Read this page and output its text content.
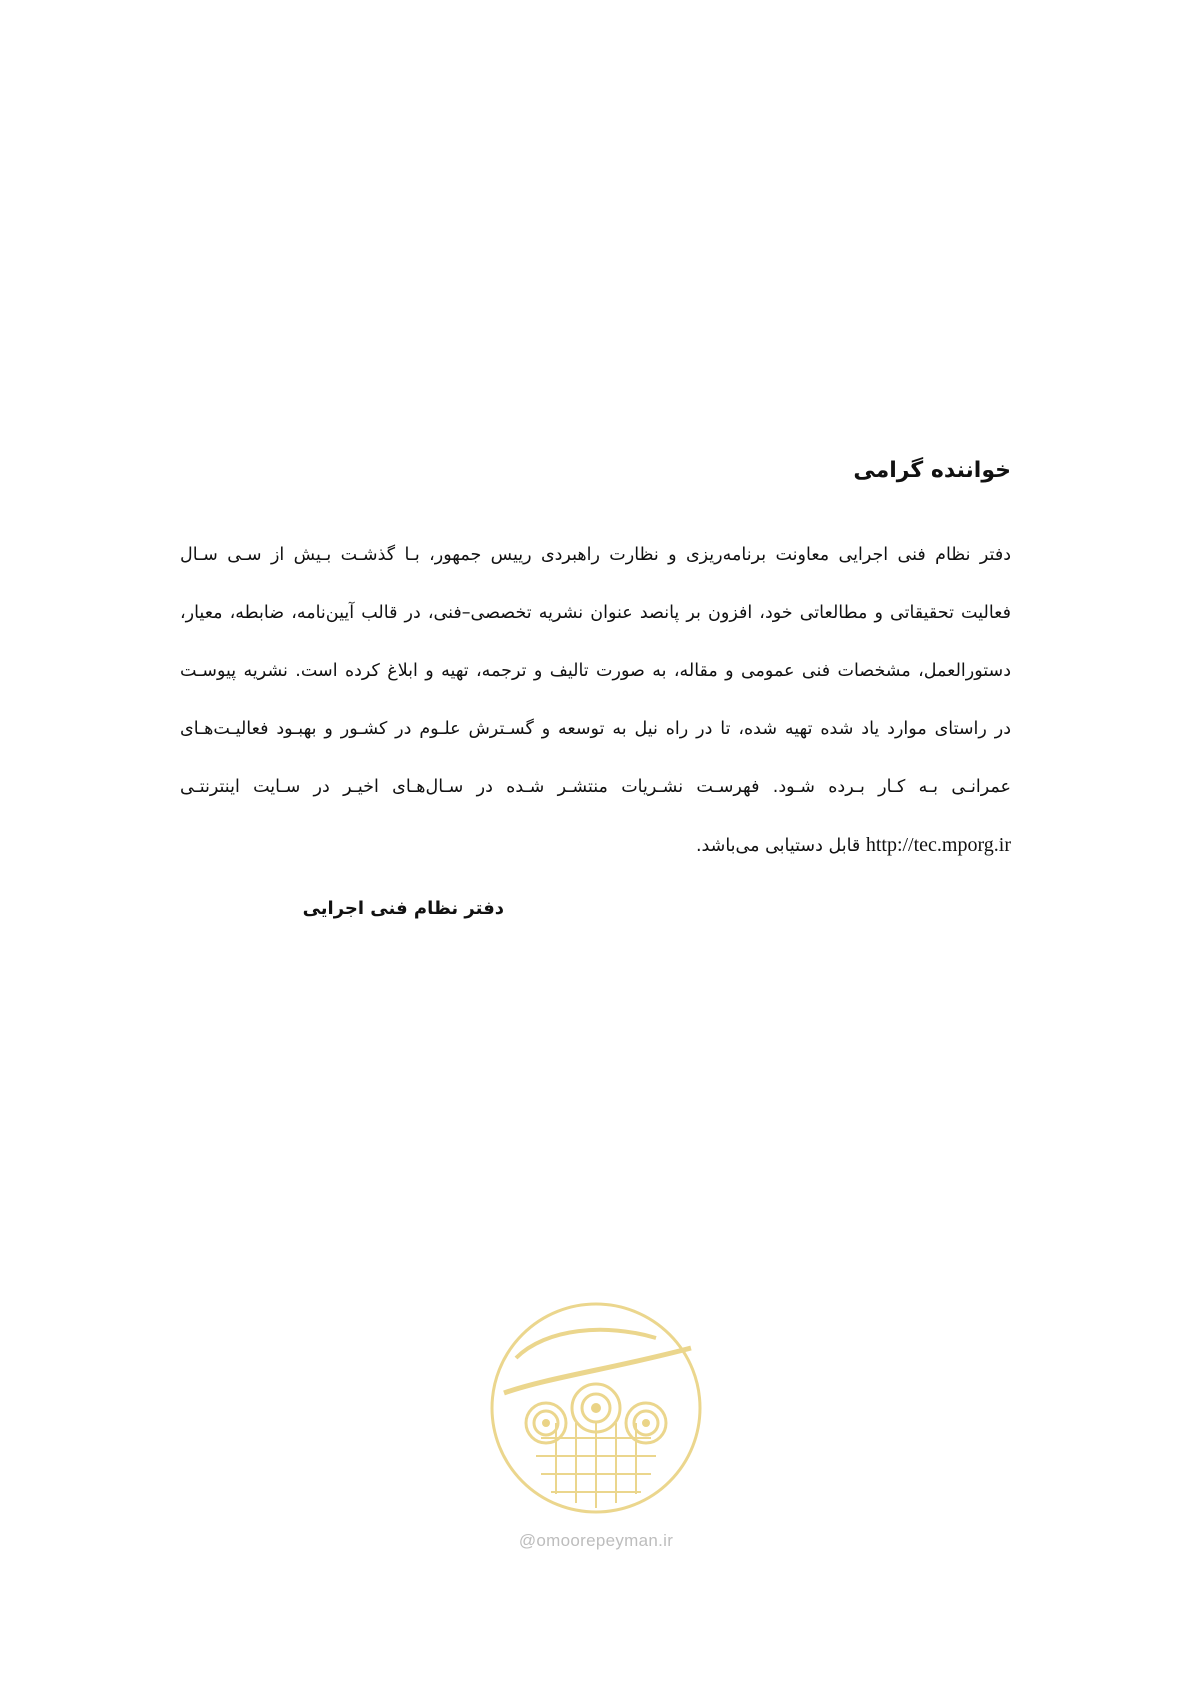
خواننده گرامی
دفتر نظام فنی اجرایی معاونت برنامه‌ریزی و نظارت راهبردی رییس جمهور، بـا گذشـت بـیش از سـی سـال
فعالیت تحقیقاتی و مطالعاتی خود، افزون بر پانصد عنوان نشریه تخصصی–فنی، در قالب آیین‌نامه، ضابطه، معیار،
دستورالعمل، مشخصات فنی عمومی و مقاله، به صورت تالیف و ترجمه، تهیه و ابلاغ کرده است. نشریه پیوسـت
در راستای موارد یاد شده تهیه شده، تا در راه نیل به توسعه و گسـترش علـوم در کشـور و بهبـود فعالیـت‌هـای
عمرانـی بـه کـار بـرده شـود. فهرسـت نشـریات منتشـر شـده در سـال‌هـای اخیـر در سـایت اینترنتـی
http://tec.mporg.ir قابل دستیابی می‌باشد.
دفتر نظام فنی اجرایی
@omoorepeyman.ir
